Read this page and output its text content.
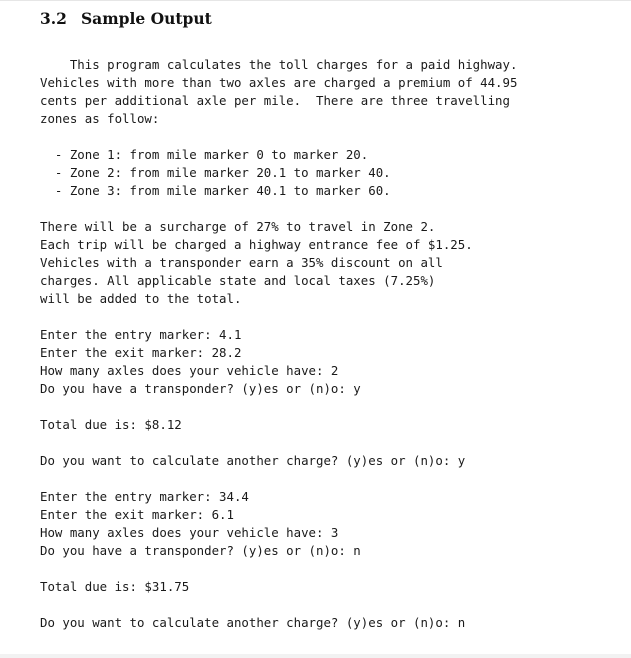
3.2 Sample Output
This program calculates the toll charges for a paid highway.
Vehicles with more than two axles are charged a premium of 44.95
cents per additional axle per mile.  There are three travelling
zones as follow:
- Zone 1: from mile marker 0 to marker 20.
- Zone 2: from mile marker 20.1 to marker 40.
- Zone 3: from mile marker 40.1 to marker 60.
There will be a surcharge of 27% to travel in Zone 2.
Each trip will be charged a highway entrance fee of $1.25.
Vehicles with a transponder earn a 35% discount on all
charges. All applicable state and local taxes (7.25%)
will be added to the total.
Enter the entry marker: 4.1
Enter the exit marker: 28.2
How many axles does your vehicle have: 2
Do you have a transponder? (y)es or (n)o: y
Total due is: $8.12
Do you want to calculate another charge? (y)es or (n)o: y
Enter the entry marker: 34.4
Enter the exit marker: 6.1
How many axles does your vehicle have: 3
Do you have a transponder? (y)es or (n)o: n
Total due is: $31.75
Do you want to calculate another charge? (y)es or (n)o: n
